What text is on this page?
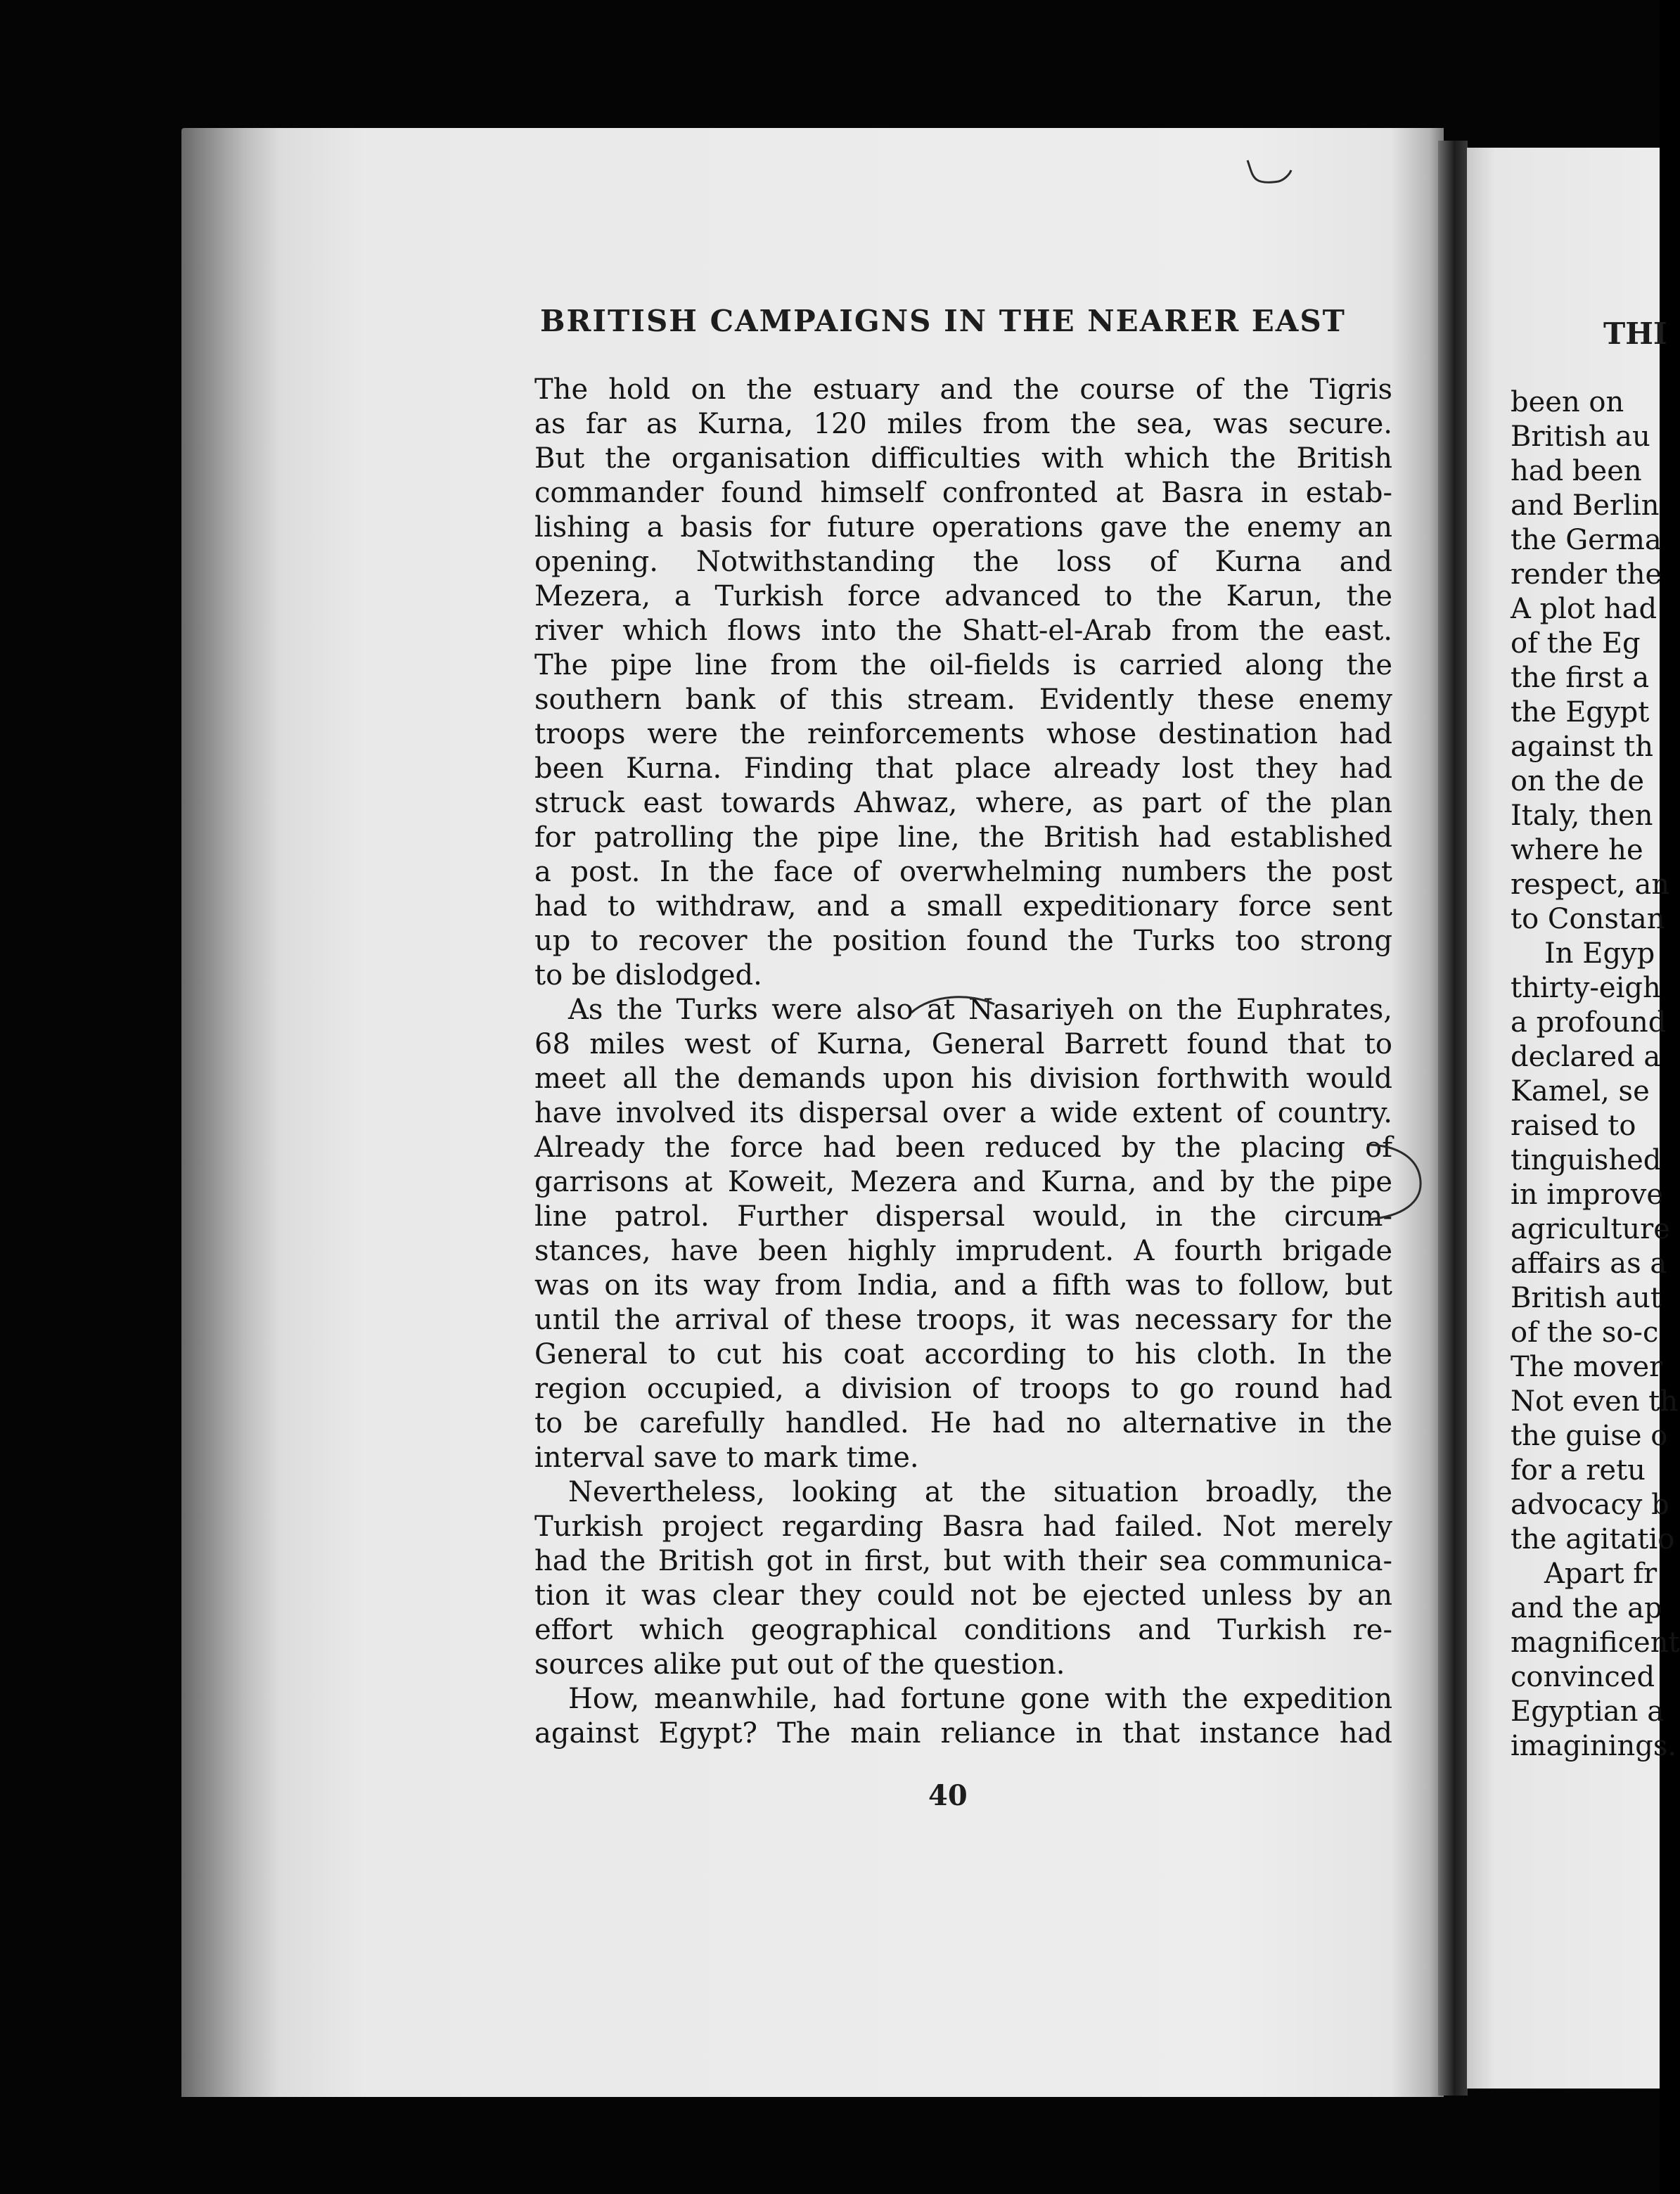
THI
been on
British au
had been
and Berlin
the Germa
render the
A plot had
of the Eg
the first a
the Egypt
against th
on the de
Italy, then
where he
respect, an
to Constan
In Egyp
thirty-eigh
a profound
declared a
Kamel, se
raised to
tinguished
in improve
agriculture
affairs as a
British aut
of the so-c
The mover
Not even th
the guise o
for a retu
advocacy b
the agitatio
Apart fr
and the ap
magnificent
convinced
Egyptian a
imaginings.
BRITISH CAMPAIGNS IN THE NEARER EAST
The hold on the estuary and the course of the Tigris
as far as Kurna, 120 miles from the sea, was secure.
But the organisation difficulties with which the British
commander found himself confronted at Basra in estab-
lishing a basis for future operations gave the enemy an
opening. Notwithstanding the loss of Kurna and
Mezera, a Turkish force advanced to the Karun, the
river which flows into the Shatt-el-Arab from the east.
The pipe line from the oil-fields is carried along the
southern bank of this stream. Evidently these enemy
troops were the reinforcements whose destination had
been Kurna. Finding that place already lost they had
struck east towards Ahwaz, where, as part of the plan
for patrolling the pipe line, the British had established
a post. In the face of overwhelming numbers the post
had to withdraw, and a small expeditionary force sent
up to recover the position found the Turks too strong
to be dislodged.
As the Turks were also at Nasariyeh on the Euphrates,
68 miles west of Kurna, General Barrett found that to
meet all the demands upon his division forthwith would
have involved its dispersal over a wide extent of country.
Already the force had been reduced by the placing of
garrisons at Koweit, Mezera and Kurna, and by the pipe
line patrol. Further dispersal would, in the circum-
stances, have been highly imprudent. A fourth brigade
was on its way from India, and a fifth was to follow, but
until the arrival of these troops, it was necessary for the
General to cut his coat according to his cloth. In the
region occupied, a division of troops to go round had
to be carefully handled. He had no alternative in the
interval save to mark time.
Nevertheless, looking at the situation broadly, the
Turkish project regarding Basra had failed. Not merely
had the British got in first, but with their sea communica-
tion it was clear they could not be ejected unless by an
effort which geographical conditions and Turkish re-
sources alike put out of the question.
How, meanwhile, had fortune gone with the expedition
against Egypt? The main reliance in that instance had
40
